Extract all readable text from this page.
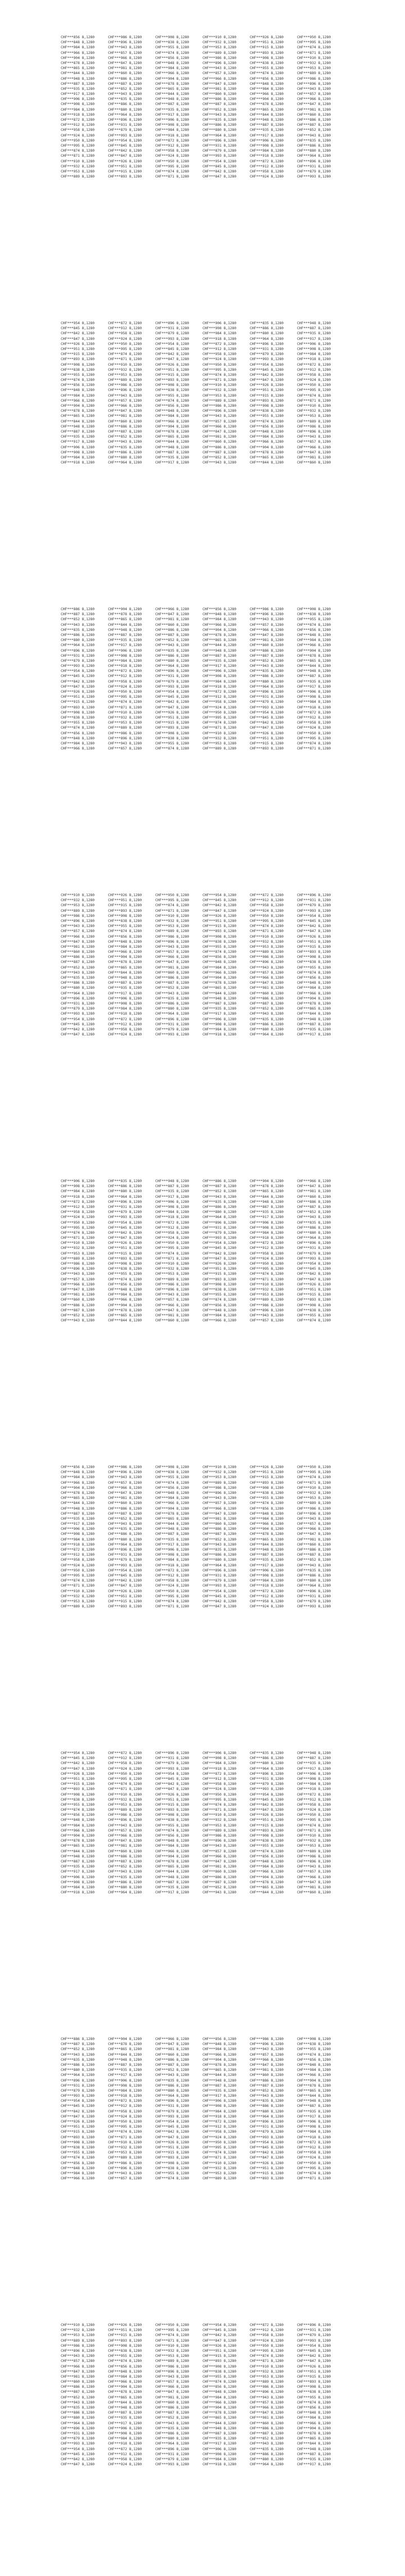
CHF***856 8,1280
CHF***848 8,1280
CHF***984 8,1280
CHF***966 8,1280
CHF***904 8,1280
CHF***878 8,1280
CHF***865 8,1280
CHF***844 8,1280
CHF***948 8,1280
CHF***887 8,1280
CHF***935 8,1280
CHF***917 8,1280
CHF***906 8,1280
CHF***908 8,1280
CHF***984 8,1280
CHF***918 8,1280
CHF***872 8,1280
CHF***912 8,1280
CHF***958 8,1280
CHF***924 8,1280
CHF***950 8,1280
CHF***995 8,1280
CHF***874 8,1280
CHF***871 8,1280
CHF***910 8,1280
CHF***932 8,1280
CHF***953 8,1280
CHF***889 8,1280
CHF***986 8,1280
CHF***896 8,1280
CHF***943 8,1280
CHF***857 8,1280
CHF***966 8,1280
CHF***847 8,1280
CHF***981 8,1280
CHF***860 8,1280
CHF***886 8,1280
CHF***887 8,1280
CHF***852 8,1280
CHF***943 8,1280
CHF***835 8,1280
CHF***886 8,1280
CHF***880 8,1280
CHF***964 8,1280
CHF***896 8,1280
CHF***931 8,1280
CHF***879 8,1280
CHF***993 8,1280
CHF***954 8,1280
CHF***845 8,1280
CHF***842 8,1280
CHF***847 8,1280
CHF***926 8,1280
CHF***951 8,1280
CHF***915 8,1280
CHF***893 8,1280
CHF***908 8,1280
CHF***838 8,1280
CHF***955 8,1280
CHF***874 8,1280
CHF***856 8,1280
CHF***848 8,1280
CHF***984 8,1280
CHF***966 8,1280
CHF***904 8,1280
CHF***878 8,1280
CHF***865 8,1280
CHF***844 8,1280
CHF***948 8,1280
CHF***887 8,1280
CHF***935 8,1280
CHF***917 8,1280
CHF***906 8,1280
CHF***908 8,1280
CHF***984 8,1280
CHF***918 8,1280
CHF***872 8,1280
CHF***912 8,1280
CHF***958 8,1280
CHF***924 8,1280
CHF***950 8,1280
CHF***995 8,1280
CHF***874 8,1280
CHF***871 8,1280
CHF***910 8,1280
CHF***932 8,1280
CHF***953 8,1280
CHF***889 8,1280
CHF***986 8,1280
CHF***896 8,1280
CHF***943 8,1280
CHF***857 8,1280
CHF***966 8,1280
CHF***847 8,1280
CHF***981 8,1280
CHF***860 8,1280
CHF***886 8,1280
CHF***887 8,1280
CHF***852 8,1280
CHF***943 8,1280
CHF***835 8,1280
CHF***886 8,1280
CHF***880 8,1280
CHF***964 8,1280
CHF***896 8,1280
CHF***931 8,1280
CHF***879 8,1280
CHF***993 8,1280
CHF***954 8,1280
CHF***845 8,1280
CHF***842 8,1280
CHF***847 8,1280
CHF***926 8,1280
CHF***951 8,1280
CHF***915 8,1280
CHF***893 8,1280
CHF***908 8,1280
CHF***838 8,1280
CHF***955 8,1280
CHF***874 8,1280
CHF***856 8,1280
CHF***848 8,1280
CHF***984 8,1280
CHF***966 8,1280
CHF***904 8,1280
CHF***878 8,1280
CHF***865 8,1280
CHF***844 8,1280
CHF***948 8,1280
CHF***887 8,1280
CHF***935 8,1280
CHF***917 8,1280
CHF***906 8,1280
CHF***908 8,1280
CHF***984 8,1280
CHF***918 8,1280
CHF***872 8,1280
CHF***912 8,1280
CHF***958 8,1280
CHF***924 8,1280
CHF***950 8,1280
CHF***995 8,1280
CHF***874 8,1280
CHF***871 8,1280
CHF***910 8,1280
CHF***932 8,1280
CHF***953 8,1280
CHF***889 8,1280
CHF***986 8,1280
CHF***896 8,1280
CHF***943 8,1280
CHF***857 8,1280
CHF***966 8,1280
CHF***847 8,1280
CHF***981 8,1280
CHF***860 8,1280
CHF***886 8,1280
CHF***887 8,1280
CHF***852 8,1280
CHF***943 8,1280
CHF***835 8,1280
CHF***886 8,1280
CHF***880 8,1280
CHF***964 8,1280
CHF***896 8,1280
CHF***931 8,1280
CHF***879 8,1280
CHF***993 8,1280
CHF***954 8,1280
CHF***845 8,1280
CHF***842 8,1280
CHF***847 8,1280
CHF***926 8,1280
CHF***951 8,1280
CHF***915 8,1280
CHF***893 8,1280
CHF***908 8,1280
CHF***838 8,1280
CHF***955 8,1280
CHF***874 8,1280
CHF***856 8,1280
CHF***848 8,1280
CHF***984 8,1280
CHF***966 8,1280
CHF***904 8,1280
CHF***878 8,1280
CHF***865 8,1280
CHF***844 8,1280
CHF***948 8,1280
CHF***887 8,1280
CHF***935 8,1280
CHF***917 8,1280
CHF***906 8,1280
CHF***908 8,1280
CHF***984 8,1280
CHF***918 8,1280
CHF***872 8,1280
CHF***912 8,1280
CHF***958 8,1280
CHF***924 8,1280
CHF***950 8,1280
CHF***995 8,1280
CHF***874 8,1280
CHF***871 8,1280
CHF***910 8,1280
CHF***932 8,1280
CHF***953 8,1280
CHF***889 8,1280
CHF***986 8,1280
CHF***896 8,1280
CHF***943 8,1280
CHF***857 8,1280
CHF***966 8,1280
CHF***847 8,1280
CHF***981 8,1280
CHF***860 8,1280
CHF***886 8,1280
CHF***887 8,1280
CHF***852 8,1280
CHF***943 8,1280
CHF***835 8,1280
CHF***886 8,1280
CHF***880 8,1280
CHF***964 8,1280
CHF***896 8,1280
CHF***931 8,1280
CHF***879 8,1280
CHF***993 8,1280
CHF***954 8,1280
CHF***845 8,1280
CHF***842 8,1280
CHF***847 8,1280
CHF***926 8,1280
CHF***951 8,1280
CHF***915 8,1280
CHF***893 8,1280
CHF***908 8,1280
CHF***838 8,1280
CHF***955 8,1280
CHF***874 8,1280
CHF***856 8,1280
CHF***848 8,1280
CHF***984 8,1280
CHF***966 8,1280
CHF***904 8,1280
CHF***878 8,1280
CHF***865 8,1280
CHF***844 8,1280
CHF***948 8,1280
CHF***887 8,1280
CHF***935 8,1280
CHF***917 8,1280
CHF***906 8,1280
CHF***908 8,1280
CHF***984 8,1280
CHF***918 8,1280
CHF***872 8,1280
CHF***912 8,1280
CHF***958 8,1280
CHF***924 8,1280
CHF***950 8,1280
CHF***995 8,1280
CHF***874 8,1280
CHF***871 8,1280
CHF***910 8,1280
CHF***932 8,1280
CHF***953 8,1280
CHF***889 8,1280
CHF***986 8,1280
CHF***896 8,1280
CHF***943 8,1280
CHF***857 8,1280
CHF***966 8,1280
CHF***847 8,1280
CHF***981 8,1280
CHF***860 8,1280
CHF***886 8,1280
CHF***887 8,1280
CHF***852 8,1280
CHF***943 8,1280
CHF***835 8,1280
CHF***886 8,1280
CHF***880 8,1280
CHF***964 8,1280
CHF***896 8,1280
CHF***931 8,1280
CHF***879 8,1280
CHF***993 8,1280
CHF***954 8,1280
CHF***845 8,1280
CHF***842 8,1280
CHF***847 8,1280
CHF***926 8,1280
CHF***951 8,1280
CHF***915 8,1280
CHF***893 8,1280
CHF***908 8,1280
CHF***838 8,1280
CHF***955 8,1280
CHF***874 8,1280
CHF***856 8,1280
CHF***848 8,1280
CHF***984 8,1280
CHF***966 8,1280
CHF***904 8,1280
CHF***878 8,1280
CHF***865 8,1280
CHF***844 8,1280
CHF***948 8,1280
CHF***887 8,1280
CHF***935 8,1280
CHF***917 8,1280
CHF***906 8,1280
CHF***908 8,1280
CHF***984 8,1280
CHF***918 8,1280
CHF***872 8,1280
CHF***912 8,1280
CHF***958 8,1280
CHF***924 8,1280
CHF***950 8,1280
CHF***995 8,1280
CHF***874 8,1280
CHF***871 8,1280
CHF***910 8,1280
CHF***932 8,1280
CHF***953 8,1280
CHF***889 8,1280
CHF***986 8,1280
CHF***896 8,1280
CHF***943 8,1280
CHF***857 8,1280
CHF***966 8,1280
CHF***847 8,1280
CHF***981 8,1280
CHF***860 8,1280
CHF***886 8,1280
CHF***887 8,1280
CHF***852 8,1280
CHF***943 8,1280
CHF***835 8,1280
CHF***886 8,1280
CHF***880 8,1280
CHF***964 8,1280
CHF***896 8,1280
CHF***931 8,1280
CHF***879 8,1280
CHF***993 8,1280
CHF***954 8,1280
CHF***845 8,1280
CHF***842 8,1280
CHF***847 8,1280
CHF***926 8,1280
CHF***951 8,1280
CHF***915 8,1280
CHF***893 8,1280
CHF***908 8,1280
CHF***838 8,1280
CHF***955 8,1280
CHF***874 8,1280
CHF***856 8,1280
CHF***848 8,1280
CHF***984 8,1280
CHF***966 8,1280
CHF***904 8,1280
CHF***878 8,1280
CHF***865 8,1280
CHF***844 8,1280
CHF***948 8,1280
CHF***887 8,1280
CHF***935 8,1280
CHF***917 8,1280
CHF***906 8,1280
CHF***908 8,1280
CHF***984 8,1280
CHF***918 8,1280
CHF***872 8,1280
CHF***912 8,1280
CHF***958 8,1280
CHF***924 8,1280
CHF***950 8,1280
CHF***995 8,1280
CHF***874 8,1280
CHF***871 8,1280
CHF***910 8,1280
CHF***932 8,1280
CHF***953 8,1280
CHF***889 8,1280
CHF***986 8,1280
CHF***896 8,1280
CHF***943 8,1280
CHF***857 8,1280
CHF***966 8,1280
CHF***847 8,1280
CHF***981 8,1280
CHF***860 8,1280
CHF***886 8,1280
CHF***887 8,1280
CHF***852 8,1280
CHF***943 8,1280
CHF***835 8,1280
CHF***886 8,1280
CHF***880 8,1280
CHF***964 8,1280
CHF***896 8,1280
CHF***931 8,1280
CHF***879 8,1280
CHF***993 8,1280
CHF***954 8,1280
CHF***845 8,1280
CHF***842 8,1280
CHF***847 8,1280
CHF***926 8,1280
CHF***951 8,1280
CHF***915 8,1280
CHF***893 8,1280
CHF***908 8,1280
CHF***838 8,1280
CHF***955 8,1280
CHF***874 8,1280
CHF***856 8,1280
CHF***848 8,1280
CHF***984 8,1280
CHF***966 8,1280
CHF***904 8,1280
CHF***878 8,1280
CHF***865 8,1280
CHF***844 8,1280
CHF***948 8,1280
CHF***887 8,1280
CHF***935 8,1280
CHF***917 8,1280
CHF***906 8,1280
CHF***908 8,1280
CHF***984 8,1280
CHF***918 8,1280
CHF***872 8,1280
CHF***912 8,1280
CHF***958 8,1280
CHF***924 8,1280
CHF***950 8,1280
CHF***995 8,1280
CHF***874 8,1280
CHF***871 8,1280
CHF***910 8,1280
CHF***932 8,1280
CHF***953 8,1280
CHF***889 8,1280
CHF***986 8,1280
CHF***896 8,1280
CHF***943 8,1280
CHF***857 8,1280
CHF***966 8,1280
CHF***847 8,1280
CHF***981 8,1280
CHF***860 8,1280
CHF***886 8,1280
CHF***887 8,1280
CHF***852 8,1280
CHF***943 8,1280
CHF***835 8,1280
CHF***886 8,1280
CHF***880 8,1280
CHF***964 8,1280
CHF***896 8,1280
CHF***931 8,1280
CHF***879 8,1280
CHF***993 8,1280
CHF***954 8,1280
CHF***845 8,1280
CHF***842 8,1280
CHF***847 8,1280
CHF***926 8,1280
CHF***951 8,1280
CHF***915 8,1280
CHF***893 8,1280
CHF***908 8,1280
CHF***838 8,1280
CHF***955 8,1280
CHF***874 8,1280
CHF***856 8,1280
CHF***848 8,1280
CHF***984 8,1280
CHF***966 8,1280
CHF***904 8,1280
CHF***878 8,1280
CHF***865 8,1280
CHF***844 8,1280
CHF***948 8,1280
CHF***887 8,1280
CHF***935 8,1280
CHF***917 8,1280
CHF***906 8,1280
CHF***908 8,1280
CHF***984 8,1280
CHF***918 8,1280
CHF***872 8,1280
CHF***912 8,1280
CHF***958 8,1280
CHF***924 8,1280
CHF***950 8,1280
CHF***995 8,1280
CHF***874 8,1280
CHF***871 8,1280
CHF***910 8,1280
CHF***932 8,1280
CHF***953 8,1280
CHF***889 8,1280
CHF***986 8,1280
CHF***896 8,1280
CHF***943 8,1280
CHF***857 8,1280
CHF***966 8,1280
CHF***847 8,1280
CHF***981 8,1280
CHF***860 8,1280
CHF***886 8,1280
CHF***887 8,1280
CHF***852 8,1280
CHF***943 8,1280
CHF***835 8,1280
CHF***886 8,1280
CHF***880 8,1280
CHF***964 8,1280
CHF***896 8,1280
CHF***931 8,1280
CHF***879 8,1280
CHF***993 8,1280
CHF***954 8,1280
CHF***845 8,1280
CHF***842 8,1280
CHF***847 8,1280
CHF***926 8,1280
CHF***951 8,1280
CHF***915 8,1280
CHF***893 8,1280
CHF***908 8,1280
CHF***838 8,1280
CHF***955 8,1280
CHF***874 8,1280
CHF***856 8,1280
CHF***848 8,1280
CHF***984 8,1280
CHF***966 8,1280
CHF***904 8,1280
CHF***878 8,1280
CHF***865 8,1280
CHF***844 8,1280
CHF***948 8,1280
CHF***887 8,1280
CHF***935 8,1280
CHF***917 8,1280
CHF***906 8,1280
CHF***908 8,1280
CHF***984 8,1280
CHF***918 8,1280
CHF***872 8,1280
CHF***912 8,1280
CHF***958 8,1280
CHF***924 8,1280
CHF***950 8,1280
CHF***995 8,1280
CHF***874 8,1280
CHF***871 8,1280
CHF***910 8,1280
CHF***932 8,1280
CHF***953 8,1280
CHF***889 8,1280
CHF***986 8,1280
CHF***896 8,1280
CHF***943 8,1280
CHF***857 8,1280
CHF***966 8,1280
CHF***847 8,1280
CHF***981 8,1280
CHF***860 8,1280
CHF***886 8,1280
CHF***887 8,1280
CHF***852 8,1280
CHF***943 8,1280
CHF***835 8,1280
CHF***886 8,1280
CHF***880 8,1280
CHF***964 8,1280
CHF***896 8,1280
CHF***931 8,1280
CHF***879 8,1280
CHF***993 8,1280
CHF***954 8,1280
CHF***845 8,1280
CHF***842 8,1280
CHF***847 8,1280
CHF***926 8,1280
CHF***951 8,1280
CHF***915 8,1280
CHF***893 8,1280
CHF***908 8,1280
CHF***838 8,1280
CHF***955 8,1280
CHF***874 8,1280
CHF***856 8,1280
CHF***848 8,1280
CHF***984 8,1280
CHF***966 8,1280
CHF***904 8,1280
CHF***878 8,1280
CHF***865 8,1280
CHF***844 8,1280
CHF***948 8,1280
CHF***887 8,1280
CHF***935 8,1280
CHF***917 8,1280
CHF***906 8,1280
CHF***908 8,1280
CHF***984 8,1280
CHF***918 8,1280
CHF***872 8,1280
CHF***912 8,1280
CHF***958 8,1280
CHF***924 8,1280
CHF***950 8,1280
CHF***995 8,1280
CHF***874 8,1280
CHF***871 8,1280
CHF***910 8,1280
CHF***932 8,1280
CHF***953 8,1280
CHF***889 8,1280
CHF***986 8,1280
CHF***896 8,1280
CHF***943 8,1280
CHF***857 8,1280
CHF***966 8,1280
CHF***847 8,1280
CHF***981 8,1280
CHF***860 8,1280
CHF***886 8,1280
CHF***887 8,1280
CHF***852 8,1280
CHF***943 8,1280
CHF***835 8,1280
CHF***886 8,1280
CHF***880 8,1280
CHF***964 8,1280
CHF***896 8,1280
CHF***931 8,1280
CHF***879 8,1280
CHF***993 8,1280
CHF***954 8,1280
CHF***845 8,1280
CHF***842 8,1280
CHF***847 8,1280
CHF***926 8,1280
CHF***951 8,1280
CHF***915 8,1280
CHF***893 8,1280
CHF***908 8,1280
CHF***838 8,1280
CHF***955 8,1280
CHF***874 8,1280
CHF***856 8,1280
CHF***848 8,1280
CHF***984 8,1280
CHF***966 8,1280
CHF***904 8,1280
CHF***878 8,1280
CHF***865 8,1280
CHF***844 8,1280
CHF***948 8,1280
CHF***887 8,1280
CHF***935 8,1280
CHF***917 8,1280
CHF***906 8,1280
CHF***908 8,1280
CHF***984 8,1280
CHF***918 8,1280
CHF***872 8,1280
CHF***912 8,1280
CHF***958 8,1280
CHF***924 8,1280
CHF***950 8,1280
CHF***995 8,1280
CHF***874 8,1280
CHF***871 8,1280
CHF***910 8,1280
CHF***932 8,1280
CHF***953 8,1280
CHF***889 8,1280
CHF***986 8,1280
CHF***896 8,1280
CHF***943 8,1280
CHF***857 8,1280
CHF***966 8,1280
CHF***847 8,1280
CHF***981 8,1280
CHF***860 8,1280
CHF***886 8,1280
CHF***887 8,1280
CHF***852 8,1280
CHF***943 8,1280
CHF***835 8,1280
CHF***886 8,1280
CHF***880 8,1280
CHF***964 8,1280
CHF***896 8,1280
CHF***931 8,1280
CHF***879 8,1280
CHF***993 8,1280
CHF***954 8,1280
CHF***845 8,1280
CHF***842 8,1280
CHF***847 8,1280
CHF***926 8,1280
CHF***951 8,1280
CHF***915 8,1280
CHF***893 8,1280
CHF***908 8,1280
CHF***838 8,1280
CHF***955 8,1280
CHF***874 8,1280
CHF***856 8,1280
CHF***848 8,1280
CHF***984 8,1280
CHF***966 8,1280
CHF***904 8,1280
CHF***878 8,1280
CHF***865 8,1280
CHF***844 8,1280
CHF***948 8,1280
CHF***887 8,1280
CHF***935 8,1280
CHF***917 8,1280
CHF***906 8,1280
CHF***908 8,1280
CHF***984 8,1280
CHF***918 8,1280
CHF***872 8,1280
CHF***912 8,1280
CHF***958 8,1280
CHF***924 8,1280
CHF***950 8,1280
CHF***995 8,1280
CHF***874 8,1280
CHF***871 8,1280
CHF***910 8,1280
CHF***932 8,1280
CHF***953 8,1280
CHF***889 8,1280
CHF***986 8,1280
CHF***896 8,1280
CHF***943 8,1280
CHF***857 8,1280
CHF***966 8,1280
CHF***847 8,1280
CHF***981 8,1280
CHF***860 8,1280
CHF***886 8,1280
CHF***887 8,1280
CHF***852 8,1280
CHF***943 8,1280
CHF***835 8,1280
CHF***886 8,1280
CHF***880 8,1280
CHF***964 8,1280
CHF***896 8,1280
CHF***931 8,1280
CHF***879 8,1280
CHF***993 8,1280
CHF***954 8,1280
CHF***845 8,1280
CHF***842 8,1280
CHF***847 8,1280
CHF***926 8,1280
CHF***951 8,1280
CHF***915 8,1280
CHF***893 8,1280
CHF***908 8,1280
CHF***838 8,1280
CHF***955 8,1280
CHF***874 8,1280
CHF***856 8,1280
CHF***848 8,1280
CHF***984 8,1280
CHF***966 8,1280
CHF***904 8,1280
CHF***878 8,1280
CHF***865 8,1280
CHF***844 8,1280
CHF***948 8,1280
CHF***887 8,1280
CHF***935 8,1280
CHF***917 8,1280
CHF***906 8,1280
CHF***908 8,1280
CHF***984 8,1280
CHF***918 8,1280
CHF***872 8,1280
CHF***912 8,1280
CHF***958 8,1280
CHF***924 8,1280
CHF***950 8,1280
CHF***995 8,1280
CHF***874 8,1280
CHF***871 8,1280
CHF***910 8,1280
CHF***932 8,1280
CHF***953 8,1280
CHF***889 8,1280
CHF***986 8,1280
CHF***896 8,1280
CHF***943 8,1280
CHF***857 8,1280
CHF***966 8,1280
CHF***847 8,1280
CHF***981 8,1280
CHF***860 8,1280
CHF***886 8,1280
CHF***887 8,1280
CHF***852 8,1280
CHF***943 8,1280
CHF***835 8,1280
CHF***886 8,1280
CHF***880 8,1280
CHF***964 8,1280
CHF***896 8,1280
CHF***931 8,1280
CHF***879 8,1280
CHF***993 8,1280
CHF***954 8,1280
CHF***845 8,1280
CHF***842 8,1280
CHF***847 8,1280
CHF***926 8,1280
CHF***951 8,1280
CHF***915 8,1280
CHF***893 8,1280
CHF***908 8,1280
CHF***838 8,1280
CHF***955 8,1280
CHF***874 8,1280
CHF***856 8,1280
CHF***848 8,1280
CHF***984 8,1280
CHF***966 8,1280
CHF***904 8,1280
CHF***878 8,1280
CHF***865 8,1280
CHF***844 8,1280
CHF***948 8,1280
CHF***887 8,1280
CHF***935 8,1280
CHF***917 8,1280
CHF***906 8,1280
CHF***908 8,1280
CHF***984 8,1280
CHF***918 8,1280
CHF***872 8,1280
CHF***912 8,1280
CHF***958 8,1280
CHF***924 8,1280
CHF***950 8,1280
CHF***995 8,1280
CHF***874 8,1280
CHF***871 8,1280
CHF***910 8,1280
CHF***932 8,1280
CHF***953 8,1280
CHF***889 8,1280
CHF***986 8,1280
CHF***896 8,1280
CHF***943 8,1280
CHF***857 8,1280
CHF***966 8,1280
CHF***847 8,1280
CHF***981 8,1280
CHF***860 8,1280
CHF***886 8,1280
CHF***887 8,1280
CHF***852 8,1280
CHF***943 8,1280
CHF***835 8,1280
CHF***886 8,1280
CHF***880 8,1280
CHF***964 8,1280
CHF***896 8,1280
CHF***931 8,1280
CHF***879 8,1280
CHF***993 8,1280
CHF***954 8,1280
CHF***845 8,1280
CHF***842 8,1280
CHF***847 8,1280
CHF***926 8,1280
CHF***951 8,1280
CHF***915 8,1280
CHF***893 8,1280
CHF***908 8,1280
CHF***838 8,1280
CHF***955 8,1280
CHF***874 8,1280
CHF***856 8,1280
CHF***848 8,1280
CHF***984 8,1280
CHF***966 8,1280
CHF***904 8,1280
CHF***878 8,1280
CHF***865 8,1280
CHF***844 8,1280
CHF***948 8,1280
CHF***887 8,1280
CHF***935 8,1280
CHF***917 8,1280
CHF***906 8,1280
CHF***908 8,1280
CHF***984 8,1280
CHF***918 8,1280
CHF***872 8,1280
CHF***912 8,1280
CHF***958 8,1280
CHF***924 8,1280
CHF***950 8,1280
CHF***995 8,1280
CHF***874 8,1280
CHF***871 8,1280
CHF***910 8,1280
CHF***932 8,1280
CHF***953 8,1280
CHF***889 8,1280
CHF***986 8,1280
CHF***896 8,1280
CHF***943 8,1280
CHF***857 8,1280
CHF***966 8,1280
CHF***847 8,1280
CHF***981 8,1280
CHF***860 8,1280
CHF***886 8,1280
CHF***887 8,1280
CHF***852 8,1280
CHF***943 8,1280
CHF***835 8,1280
CHF***886 8,1280
CHF***880 8,1280
CHF***964 8,1280
CHF***896 8,1280
CHF***931 8,1280
CHF***879 8,1280
CHF***993 8,1280
CHF***954 8,1280
CHF***845 8,1280
CHF***842 8,1280
CHF***847 8,1280
CHF***926 8,1280
CHF***951 8,1280
CHF***915 8,1280
CHF***893 8,1280
CHF***908 8,1280
CHF***838 8,1280
CHF***955 8,1280
CHF***874 8,1280
CHF***856 8,1280
CHF***848 8,1280
CHF***984 8,1280
CHF***966 8,1280
CHF***904 8,1280
CHF***878 8,1280
CHF***865 8,1280
CHF***844 8,1280
CHF***948 8,1280
CHF***887 8,1280
CHF***935 8,1280
CHF***917 8,1280
CHF***906 8,1280
CHF***908 8,1280
CHF***984 8,1280
CHF***918 8,1280
CHF***872 8,1280
CHF***912 8,1280
CHF***958 8,1280
CHF***924 8,1280
CHF***950 8,1280
CHF***995 8,1280
CHF***874 8,1280
CHF***871 8,1280
CHF***910 8,1280
CHF***932 8,1280
CHF***953 8,1280
CHF***889 8,1280
CHF***986 8,1280
CHF***896 8,1280
CHF***943 8,1280
CHF***857 8,1280
CHF***966 8,1280
CHF***847 8,1280
CHF***981 8,1280
CHF***860 8,1280
CHF***886 8,1280
CHF***887 8,1280
CHF***852 8,1280
CHF***943 8,1280
CHF***835 8,1280
CHF***886 8,1280
CHF***880 8,1280
CHF***964 8,1280
CHF***896 8,1280
CHF***931 8,1280
CHF***879 8,1280
CHF***993 8,1280
CHF***954 8,1280
CHF***845 8,1280
CHF***842 8,1280
CHF***847 8,1280
CHF***926 8,1280
CHF***951 8,1280
CHF***915 8,1280
CHF***893 8,1280
CHF***908 8,1280
CHF***838 8,1280
CHF***955 8,1280
CHF***874 8,1280
CHF***856 8,1280
CHF***848 8,1280
CHF***984 8,1280
CHF***966 8,1280
CHF***904 8,1280
CHF***878 8,1280
CHF***865 8,1280
CHF***844 8,1280
CHF***948 8,1280
CHF***887 8,1280
CHF***935 8,1280
CHF***917 8,1280
CHF***906 8,1280
CHF***908 8,1280
CHF***984 8,1280
CHF***918 8,1280
CHF***872 8,1280
CHF***912 8,1280
CHF***958 8,1280
CHF***924 8,1280
CHF***950 8,1280
CHF***995 8,1280
CHF***874 8,1280
CHF***871 8,1280
CHF***910 8,1280
CHF***932 8,1280
CHF***953 8,1280
CHF***889 8,1280
CHF***986 8,1280
CHF***896 8,1280
CHF***943 8,1280
CHF***857 8,1280
CHF***966 8,1280
CHF***847 8,1280
CHF***981 8,1280
CHF***860 8,1280
CHF***886 8,1280
CHF***887 8,1280
CHF***852 8,1280
CHF***943 8,1280
CHF***835 8,1280
CHF***886 8,1280
CHF***880 8,1280
CHF***964 8,1280
CHF***896 8,1280
CHF***931 8,1280
CHF***879 8,1280
CHF***993 8,1280
CHF***954 8,1280
CHF***845 8,1280
CHF***842 8,1280
CHF***847 8,1280
CHF***926 8,1280
CHF***951 8,1280
CHF***915 8,1280
CHF***893 8,1280
CHF***908 8,1280
CHF***838 8,1280
CHF***955 8,1280
CHF***874 8,1280
CHF***856 8,1280
CHF***848 8,1280
CHF***984 8,1280
CHF***966 8,1280
CHF***904 8,1280
CHF***878 8,1280
CHF***865 8,1280
CHF***844 8,1280
CHF***948 8,1280
CHF***887 8,1280
CHF***935 8,1280
CHF***917 8,1280
CHF***906 8,1280
CHF***908 8,1280
CHF***984 8,1280
CHF***918 8,1280
CHF***872 8,1280
CHF***912 8,1280
CHF***958 8,1280
CHF***924 8,1280
CHF***950 8,1280
CHF***995 8,1280
CHF***874 8,1280
CHF***871 8,1280
CHF***910 8,1280
CHF***932 8,1280
CHF***953 8,1280
CHF***889 8,1280
CHF***986 8,1280
CHF***896 8,1280
CHF***943 8,1280
CHF***857 8,1280
CHF***966 8,1280
CHF***847 8,1280
CHF***981 8,1280
CHF***860 8,1280
CHF***886 8,1280
CHF***887 8,1280
CHF***852 8,1280
CHF***943 8,1280
CHF***835 8,1280
CHF***886 8,1280
CHF***880 8,1280
CHF***964 8,1280
CHF***896 8,1280
CHF***931 8,1280
CHF***879 8,1280
CHF***993 8,1280
CHF***954 8,1280
CHF***845 8,1280
CHF***842 8,1280
CHF***847 8,1280
CHF***926 8,1280
CHF***951 8,1280
CHF***915 8,1280
CHF***893 8,1280
CHF***908 8,1280
CHF***838 8,1280
CHF***955 8,1280
CHF***874 8,1280
CHF***856 8,1280
CHF***848 8,1280
CHF***984 8,1280
CHF***966 8,1280
CHF***904 8,1280
CHF***878 8,1280
CHF***865 8,1280
CHF***844 8,1280
CHF***948 8,1280
CHF***887 8,1280
CHF***935 8,1280
CHF***917 8,1280
CHF***906 8,1280
CHF***908 8,1280
CHF***984 8,1280
CHF***918 8,1280
CHF***872 8,1280
CHF***912 8,1280
CHF***958 8,1280
CHF***924 8,1280
CHF***950 8,1280
CHF***995 8,1280
CHF***874 8,1280
CHF***871 8,1280
CHF***910 8,1280
CHF***932 8,1280
CHF***953 8,1280
CHF***889 8,1280
CHF***986 8,1280
CHF***896 8,1280
CHF***943 8,1280
CHF***857 8,1280
CHF***966 8,1280
CHF***847 8,1280
CHF***981 8,1280
CHF***860 8,1280
CHF***886 8,1280
CHF***887 8,1280
CHF***852 8,1280
CHF***943 8,1280
CHF***835 8,1280
CHF***886 8,1280
CHF***880 8,1280
CHF***964 8,1280
CHF***896 8,1280
CHF***931 8,1280
CHF***879 8,1280
CHF***993 8,1280
CHF***954 8,1280
CHF***845 8,1280
CHF***842 8,1280
CHF***847 8,1280
CHF***926 8,1280
CHF***951 8,1280
CHF***915 8,1280
CHF***893 8,1280
CHF***908 8,1280
CHF***838 8,1280
CHF***955 8,1280
CHF***874 8,1280
CHF***856 8,1280
CHF***848 8,1280
CHF***984 8,1280
CHF***966 8,1280
CHF***904 8,1280
CHF***878 8,1280
CHF***865 8,1280
CHF***844 8,1280
CHF***948 8,1280
CHF***887 8,1280
CHF***935 8,1280
CHF***917 8,1280
CHF***906 8,1280
CHF***908 8,1280
CHF***984 8,1280
CHF***918 8,1280
CHF***872 8,1280
CHF***912 8,1280
CHF***958 8,1280
CHF***924 8,1280
CHF***950 8,1280
CHF***995 8,1280
CHF***874 8,1280
CHF***871 8,1280
CHF***910 8,1280
CHF***932 8,1280
CHF***953 8,1280
CHF***889 8,1280
CHF***986 8,1280
CHF***896 8,1280
CHF***943 8,1280
CHF***857 8,1280
CHF***966 8,1280
CHF***847 8,1280
CHF***981 8,1280
CHF***860 8,1280
CHF***886 8,1280
CHF***887 8,1280
CHF***852 8,1280
CHF***943 8,1280
CHF***835 8,1280
CHF***886 8,1280
CHF***880 8,1280
CHF***964 8,1280
CHF***896 8,1280
CHF***931 8,1280
CHF***879 8,1280
CHF***993 8,1280
CHF***954 8,1280
CHF***845 8,1280
CHF***842 8,1280
CHF***847 8,1280
CHF***926 8,1280
CHF***951 8,1280
CHF***915 8,1280
CHF***893 8,1280
CHF***908 8,1280
CHF***838 8,1280
CHF***955 8,1280
CHF***874 8,1280
CHF***856 8,1280
CHF***848 8,1280
CHF***984 8,1280
CHF***966 8,1280
CHF***904 8,1280
CHF***878 8,1280
CHF***865 8,1280
CHF***844 8,1280
CHF***948 8,1280
CHF***887 8,1280
CHF***935 8,1280
CHF***917 8,1280
CHF***906 8,1280
CHF***908 8,1280
CHF***984 8,1280
CHF***918 8,1280
CHF***872 8,1280
CHF***912 8,1280
CHF***958 8,1280
CHF***924 8,1280
CHF***950 8,1280
CHF***995 8,1280
CHF***874 8,1280
CHF***871 8,1280
CHF***910 8,1280
CHF***932 8,1280
CHF***953 8,1280
CHF***889 8,1280
CHF***986 8,1280
CHF***896 8,1280
CHF***943 8,1280
CHF***857 8,1280
CHF***966 8,1280
CHF***847 8,1280
CHF***981 8,1280
CHF***860 8,1280
CHF***886 8,1280
CHF***887 8,1280
CHF***852 8,1280
CHF***943 8,1280
CHF***835 8,1280
CHF***886 8,1280
CHF***880 8,1280
CHF***964 8,1280
CHF***896 8,1280
CHF***931 8,1280
CHF***879 8,1280
CHF***993 8,1280
CHF***954 8,1280
CHF***845 8,1280
CHF***842 8,1280
CHF***847 8,1280
CHF***926 8,1280
CHF***951 8,1280
CHF***915 8,1280
CHF***893 8,1280
CHF***908 8,1280
CHF***838 8,1280
CHF***955 8,1280
CHF***874 8,1280
CHF***856 8,1280
CHF***848 8,1280
CHF***984 8,1280
CHF***966 8,1280
CHF***904 8,1280
CHF***878 8,1280
CHF***865 8,1280
CHF***844 8,1280
CHF***948 8,1280
CHF***887 8,1280
CHF***935 8,1280
CHF***917 8,1280
CHF***906 8,1280
CHF***908 8,1280
CHF***984 8,1280
CHF***918 8,1280
CHF***872 8,1280
CHF***912 8,1280
CHF***958 8,1280
CHF***924 8,1280
CHF***950 8,1280
CHF***995 8,1280
CHF***874 8,1280
CHF***871 8,1280
CHF***910 8,1280
CHF***932 8,1280
CHF***953 8,1280
CHF***889 8,1280
CHF***986 8,1280
CHF***896 8,1280
CHF***943 8,1280
CHF***857 8,1280
CHF***966 8,1280
CHF***847 8,1280
CHF***981 8,1280
CHF***860 8,1280
CHF***886 8,1280
CHF***887 8,1280
CHF***852 8,1280
CHF***943 8,1280
CHF***835 8,1280
CHF***886 8,1280
CHF***880 8,1280
CHF***964 8,1280
CHF***896 8,1280
CHF***931 8,1280
CHF***879 8,1280
CHF***993 8,1280
CHF***954 8,1280
CHF***845 8,1280
CHF***842 8,1280
CHF***847 8,1280
CHF***926 8,1280
CHF***951 8,1280
CHF***915 8,1280
CHF***893 8,1280
CHF***908 8,1280
CHF***838 8,1280
CHF***955 8,1280
CHF***874 8,1280
CHF***856 8,1280
CHF***848 8,1280
CHF***984 8,1280
CHF***966 8,1280
CHF***904 8,1280
CHF***878 8,1280
CHF***865 8,1280
CHF***844 8,1280
CHF***948 8,1280
CHF***887 8,1280
CHF***935 8,1280
CHF***917 8,1280
CHF***906 8,1280
CHF***908 8,1280
CHF***984 8,1280
CHF***918 8,1280
CHF***872 8,1280
CHF***912 8,1280
CHF***958 8,1280
CHF***924 8,1280
CHF***950 8,1280
CHF***995 8,1280
CHF***874 8,1280
CHF***871 8,1280
CHF***910 8,1280
CHF***932 8,1280
CHF***953 8,1280
CHF***889 8,1280
CHF***986 8,1280
CHF***896 8,1280
CHF***943 8,1280
CHF***857 8,1280
CHF***966 8,1280
CHF***847 8,1280
CHF***981 8,1280
CHF***860 8,1280
CHF***886 8,1280
CHF***887 8,1280
CHF***852 8,1280
CHF***943 8,1280
CHF***835 8,1280
CHF***886 8,1280
CHF***880 8,1280
CHF***964 8,1280
CHF***896 8,1280
CHF***931 8,1280
CHF***879 8,1280
CHF***993 8,1280
CHF***954 8,1280
CHF***845 8,1280
CHF***842 8,1280
CHF***847 8,1280
CHF***926 8,1280
CHF***951 8,1280
CHF***915 8,1280
CHF***893 8,1280
CHF***908 8,1280
CHF***838 8,1280
CHF***955 8,1280
CHF***874 8,1280
CHF***856 8,1280
CHF***848 8,1280
CHF***984 8,1280
CHF***966 8,1280
CHF***904 8,1280
CHF***878 8,1280
CHF***865 8,1280
CHF***844 8,1280
CHF***948 8,1280
CHF***887 8,1280
CHF***935 8,1280
CHF***917 8,1280
CHF***906 8,1280
CHF***908 8,1280
CHF***984 8,1280
CHF***918 8,1280
CHF***872 8,1280
CHF***912 8,1280
CHF***958 8,1280
CHF***924 8,1280
CHF***950 8,1280
CHF***995 8,1280
CHF***874 8,1280
CHF***871 8,1280
CHF***910 8,1280
CHF***932 8,1280
CHF***953 8,1280
CHF***889 8,1280
CHF***986 8,1280
CHF***896 8,1280
CHF***943 8,1280
CHF***857 8,1280
CHF***966 8,1280
CHF***847 8,1280
CHF***981 8,1280
CHF***860 8,1280
CHF***886 8,1280
CHF***887 8,1280
CHF***852 8,1280
CHF***943 8,1280
CHF***835 8,1280
CHF***886 8,1280
CHF***880 8,1280
CHF***964 8,1280
CHF***896 8,1280
CHF***931 8,1280
CHF***879 8,1280
CHF***993 8,1280
CHF***954 8,1280
CHF***845 8,1280
CHF***842 8,1280
CHF***847 8,1280
CHF***926 8,1280
CHF***951 8,1280
CHF***915 8,1280
CHF***893 8,1280
CHF***908 8,1280
CHF***838 8,1280
CHF***955 8,1280
CHF***874 8,1280
CHF***856 8,1280
CHF***848 8,1280
CHF***984 8,1280
CHF***966 8,1280
CHF***904 8,1280
CHF***878 8,1280
CHF***865 8,1280
CHF***844 8,1280
CHF***948 8,1280
CHF***887 8,1280
CHF***935 8,1280
CHF***917 8,1280
